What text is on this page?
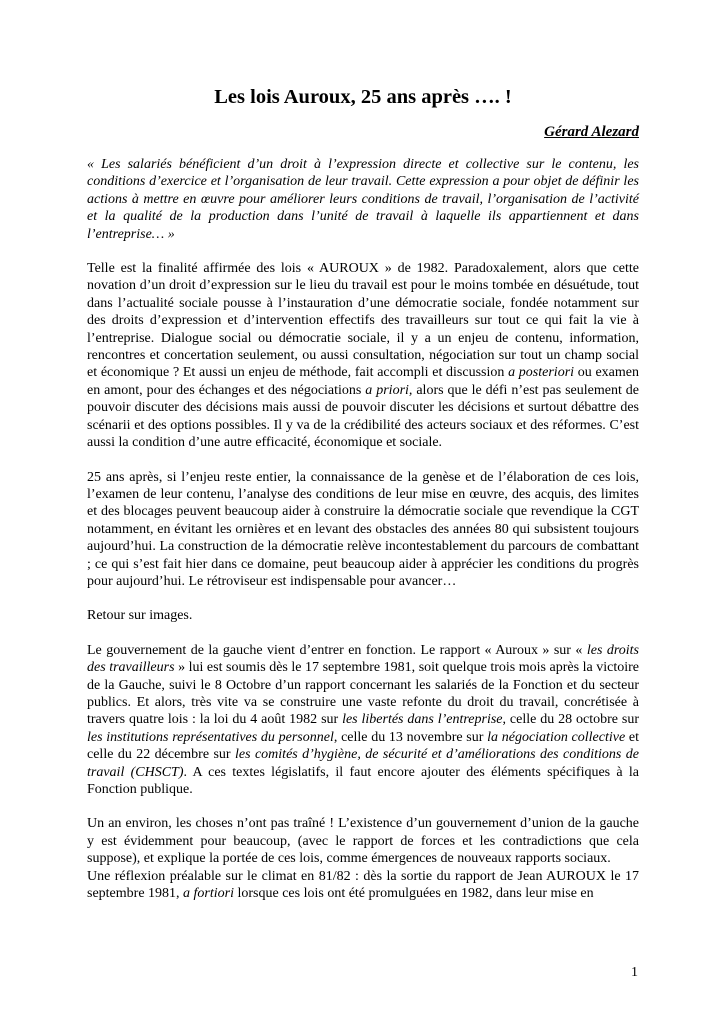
Les lois Auroux, 25 ans après …. !
Gérard Alezard

« Les salariés bénéficient d’un droit à l’expression directe et collective sur le contenu, les conditions d’exercice et l’organisation de leur travail. Cette expression a pour objet de définir les actions à mettre en œuvre pour améliorer leurs conditions de travail, l’organisation de l’activité et la qualité de la production dans l’unité de travail à laquelle ils appartiennent et dans l’entreprise… »

Telle est la finalité affirmée des lois « AUROUX » de 1982. Paradoxalement, alors que cette novation d’un droit d’expression sur le lieu du travail est pour le moins tombée en désuétude, tout dans l’actualité sociale pousse à l’instauration d’une démocratie sociale, fondée notamment sur des droits d’expression et d’intervention effectifs des travailleurs sur tout ce qui fait la vie à l’entreprise. Dialogue social ou démocratie sociale, il y a un enjeu de contenu, information, rencontres et concertation seulement, ou aussi consultation, négociation sur tout un champ social et économique ? Et aussi un enjeu de méthode, fait accompli et discussion a posteriori ou examen en amont, pour des échanges et des négociations a priori, alors que le défi n’est pas seulement de pouvoir discuter des décisions mais aussi de pouvoir discuter les décisions et surtout débattre des scénarii et des options possibles. Il y va de la crédibilité des acteurs sociaux et des réformes. C’est aussi la condition d’une autre efficacité, économique et sociale.

25 ans après, si l’enjeu reste entier, la connaissance de la genèse et de l’élaboration de ces lois, l’examen de leur contenu, l’analyse des conditions de leur mise en œuvre, des acquis, des limites et des blocages peuvent beaucoup aider à construire la démocratie sociale que revendique la CGT notamment, en évitant les ornières et en levant des obstacles des années 80 qui subsistent toujours aujourd’hui. La construction de la démocratie relève incontestablement du parcours de combattant ; ce qui s’est fait hier dans ce domaine, peut beaucoup aider à apprécier les conditions du progrès pour aujourd’hui. Le rétroviseur est indispensable pour avancer…

Retour sur images.

Le gouvernement de la gauche vient d’entrer en fonction. Le rapport « Auroux » sur « les droits des travailleurs » lui est soumis dès le 17 septembre 1981, soit quelque trois mois après la victoire de la Gauche, suivi le 8 Octobre d’un rapport concernant les salariés de la Fonction et du secteur publics. Et alors, très vite va se construire une vaste refonte du droit du travail, concrétisée à travers quatre lois : la loi du 4 août 1982 sur les libertés dans l’entreprise, celle du 28 octobre sur les institutions représentatives du personnel, celle du 13 novembre sur la négociation collective et celle du 22 décembre sur les comités d’hygiène, de sécurité et d’améliorations des conditions de travail (CHSCT). A ces textes législatifs, il faut encore ajouter des éléments spécifiques à la Fonction publique.

Un an environ, les choses n’ont pas traîné ! L’existence d’un gouvernement d’union de la gauche y est évidemment pour beaucoup, (avec le rapport de forces et les contradictions que cela suppose), et explique la portée de ces lois, comme émergences de nouveaux rapports sociaux.

Une réflexion préalable sur le climat en 81/82 : dès la sortie du rapport de Jean AUROUX le 17 septembre 1981, a fortiori lorsque ces lois ont été promulguées en 1982, dans leur mise en

1
